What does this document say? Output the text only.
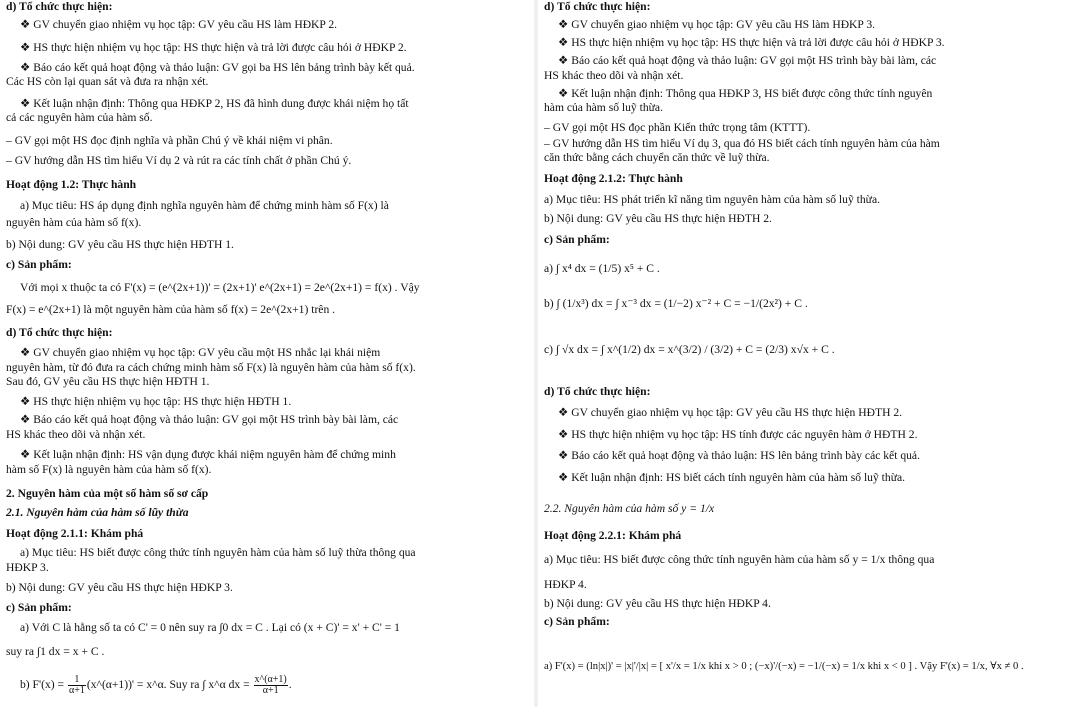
d) Tổ chức thực hiện:
❖ GV chuyển giao nhiệm vụ học tập: GV yêu cầu HS làm HĐKP 2.
❖ HS thực hiện nhiệm vụ học tập: HS thực hiện và trả lời được câu hỏi ở HĐKP 2.
❖ Báo cáo kết quả hoạt động và thảo luận: GV gọi ba HS lên bảng trình bày kết quả.
Các HS còn lại quan sát và đưa ra nhận xét.
❖ Kết luận nhận định: Thông qua HĐKP 2, HS đã hình dung được khái niệm họ tất
cả các nguyên hàm của hàm số.
– GV gọi một HS đọc định nghĩa và phần Chú ý về khái niệm vi phân.
– GV hướng dẫn HS tìm hiểu Ví dụ 2 và rút ra các tính chất ở phần Chú ý.
Hoạt động 1.2: Thực hành
a) Mục tiêu: HS áp dụng định nghĩa nguyên hàm để chứng minh hàm số F(x) là
nguyên hàm của hàm số f(x).
b) Nội dung: GV yêu cầu HS thực hiện HĐTH 1.
c) Sản phẩm:
Với mọi x thuộc ta có F'(x) = (e^(2x+1))' = (2x+1)' e^(2x+1) = 2e^(2x+1) = f(x) . Vậy
F(x) = e^(2x+1) là một nguyên hàm của hàm số f(x) = 2e^(2x+1) trên .
d) Tổ chức thực hiện:
❖ GV chuyển giao nhiệm vụ học tập: GV yêu cầu một HS nhắc lại khái niệm
nguyên hàm, từ đó đưa ra cách chứng minh hàm số F(x) là nguyên hàm của hàm số f(x).
Sau đó, GV yêu cầu HS thực hiện HĐTH 1.
❖ HS thực hiện nhiệm vụ học tập: HS thực hiện HĐTH 1.
❖ Báo cáo kết quả hoạt động và thảo luận: GV gọi một HS trình bày bài làm, các
HS khác theo dõi và nhận xét.
❖ Kết luận nhận định: HS vận dụng được khái niệm nguyên hàm để chứng minh
hàm số F(x) là nguyên hàm của hàm số f(x).
2. Nguyên hàm của một số hàm số sơ cấp
2.1. Nguyên hàm của hàm số lũy thừa
Hoạt động 2.1.1: Khám phá
a) Mục tiêu: HS biết được công thức tính nguyên hàm của hàm số luỹ thừa thông qua
HĐKP 3.
b) Nội dung: GV yêu cầu HS thực hiện HĐKP 3.
c) Sản phẩm:
a) Với C là hằng số ta có C' = 0 nên suy ra ∫0 dx = C . Lại có (x + C)' = x' + C' = 1
suy ra ∫1 dx = x + C .
b) $F'(x) = \frac{1}{\alpha+1}$ (x^(α+1))' = x^α. Suy ra ∫ x^α dx = $\frac{x\^{}(\alpha+1)}{\alpha+1}$ .
d) Tổ chức thực hiện:
❖ GV chuyển giao nhiệm vụ học tập: GV yêu cầu HS làm HĐKP 3.
❖ HS thực hiện nhiệm vụ học tập: HS thực hiện và trả lời được câu hỏi ở HĐKP 3.
❖ Báo cáo kết quả hoạt động và thảo luận: GV gọi một HS trình bày bài làm, các
HS khác theo dõi và nhận xét.
❖ Kết luận nhận định: Thông qua HĐKP 3, HS biết được công thức tính nguyên
hàm của hàm số luỹ thừa.
– GV gọi một HS đọc phần Kiến thức trọng tâm (KTTT).
– GV hướng dẫn HS tìm hiểu Ví dụ 3, qua đó HS biết cách tính nguyên hàm của hàm
căn thức bằng cách chuyển căn thức về luỹ thừa.
Hoạt động 2.1.2: Thực hành
a) Mục tiêu: HS phát triển kĩ năng tìm nguyên hàm của hàm số luỹ thừa.
b) Nội dung: GV yêu cầu HS thực hiện HĐTH 2.
c) Sản phẩm:
a) ∫ x⁴ dx = (1/5) x⁵ + C .
b) ∫ (1/x³) dx = ∫ x⁻³ dx = (1/−2) x⁻² + C = −1/(2x²) + C .
c) ∫ √x dx = ∫ x^(1/2) dx = x^(3/2) / (3/2) + C = (2/3) x√x + C .
d) Tổ chức thực hiện:
❖ GV chuyển giao nhiệm vụ học tập: GV yêu cầu HS thực hiện HĐTH 2.
❖ HS thực hiện nhiệm vụ học tập: HS tính được các nguyên hàm ở HĐTH 2.
❖ Báo cáo kết quả hoạt động và thảo luận: HS lên bảng trình bày các kết quả.
❖ Kết luận nhận định: HS biết cách tính nguyên hàm của hàm số luỹ thừa.
2.2. Nguyên hàm của hàm số y = 1/x
Hoạt động 2.2.1: Khám phá
a) Mục tiêu: HS biết được công thức tính nguyên hàm của hàm số y = 1/x thông qua
HĐKP 4.
b) Nội dung: GV yêu cầu HS thực hiện HĐKP 4.
c) Sản phẩm:
a) F'(x) = (ln|x|)' = |x|'/|x| = [ x'/x = 1/x khi x > 0 ; (−x)'/(−x) = −1/(−x) = 1/x khi x < 0 ] . Vậy F'(x) = 1/x, ∀x ≠ 0 .
